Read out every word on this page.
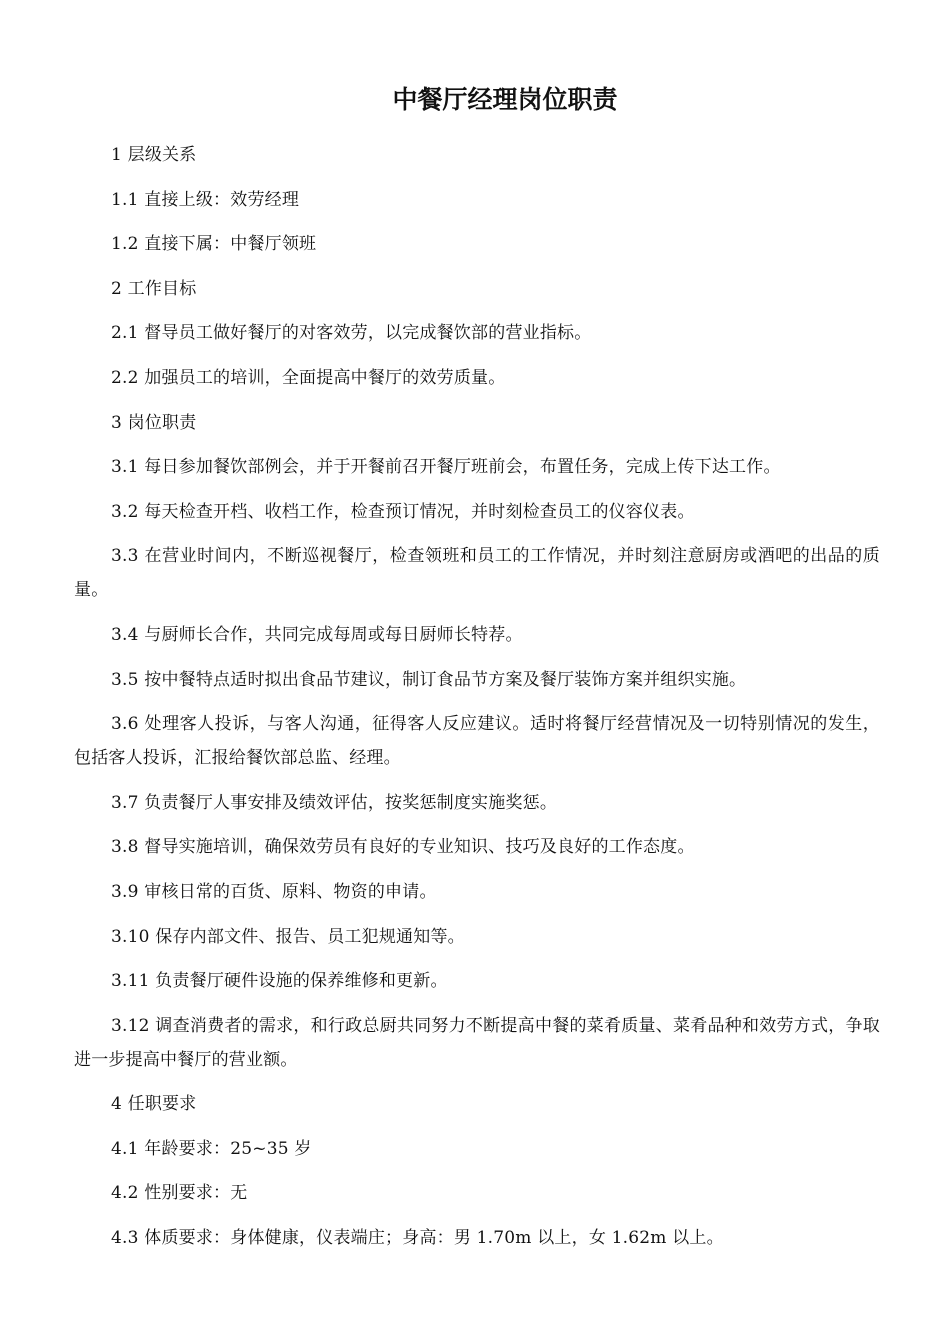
中餐厅经理岗位职责

1 层级关系

1.1 直接上级：效劳经理

1.2 直接下属：中餐厅领班

2 工作目标

2.1 督导员工做好餐厅的对客效劳，以完成餐饮部的营业指标。

2.2 加强员工的培训，全面提高中餐厅的效劳质量。

3 岗位职责

3.1 每日参加餐饮部例会，并于开餐前召开餐厅班前会，布置任务，完成上传下达工作。

3.2 每天检查开档、收档工作，检查预订情况，并时刻检查员工的仪容仪表。

3.3 在营业时间内，不断巡视餐厅，检查领班和员工的工作情况，并时刻注意厨房或酒吧的出品的质量。

3.4 与厨师长合作，共同完成每周或每日厨师长特荐。

3.5 按中餐特点适时拟出食品节建议，制订食品节方案及餐厅装饰方案并组织实施。

3.6 处理客人投诉，与客人沟通，征得客人反应建议。适时将餐厅经营情况及一切特别情况的发生，包括客人投诉，汇报给餐饮部总监、经理。

3.7 负责餐厅人事安排及绩效评估，按奖惩制度实施奖惩。

3.8 督导实施培训，确保效劳员有良好的专业知识、技巧及良好的工作态度。

3.9 审核日常的百货、原料、物资的申请。

3.10 保存内部文件、报告、员工犯规通知等。

3.11 负责餐厅硬件设施的保养维修和更新。

3.12 调查消费者的需求，和行政总厨共同努力不断提高中餐的菜肴质量、菜肴品种和效劳方式，争取进一步提高中餐厅的营业额。

4 任职要求

4.1 年龄要求：25~35 岁

4.2 性别要求：无

4.3 体质要求：身体健康，仪表端庄；身高：男 1.70m 以上，女 1.62m 以上。
